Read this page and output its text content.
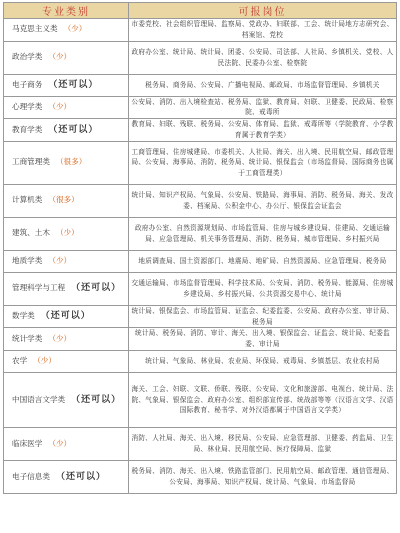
专业类别	可报岗位
马克思主义类 （少）	市委党校、社会组织管理局、监察局、党政办、妇联部、工会、统计局地方志研究会、档案馆、党校
政治学类 （少）	政府办公室、统计局、统计局、团委、公安局、司法部、人社局、乡镇机关、党校、人民法院、民委办公室、检察院
电子商务 （还可以）	税务局、商务局、公安局、广播电视局、邮政局、市场监督管理局、乡镇机关
心理学类 （少）	公安局、消防、出入境检查站、税务局、监狱、教育局、妇联、卫健委、民政局、检察院、戒毒所
教育学类 （还可以）	教育局、妇联、残联、税务局、公安局、体育局、监狱、戒毒所等（学院教育、小学教育属于教育学类）
工商管理类 （很多）	工商管理局、住房城建局、市委机关、人社局、海关、出入境、民用航空局、邮政管理局、公安局、海事局、消防、税务局、统计局、银保监会（市场监督局、国际商务也属于工商管理类）
计算机类 （很多）	统计局、知识产权局、气象局、公安局、铁路局、海事局、消防、税务局、海关、发改委、档案局、公积金中心、办公厅、银保监会证监会
建筑、土木 （少）	政府办公室、自然资源规划局、市场监管局、住房与城乡建设局、住建局、交通运输局、应急管理局、机关事务管理局、消防、税务局、城市管理局、乡村振兴局
地质学类 （少）	地质调查局、国土资源部门、地震局、地矿局、自然资源局、应急管理局、税务局
管理科学与工程 （还可以）	交通运输局、市场监督管理局、科学技术局、公安局、消防、税务局、能源局、住房城乡建设局、乡村振兴局、公共资源交易中心、统计局
数学类 （还可以）	统计局、银保监会、市场监管局、证监会、纪委监委、公安局、政府办公室、审计局、税务局
统计学类 （少）	统计局、税务局、消防、审计、海关、出入境、银保监会、证监会、统计局、纪委监委、审计局
农学 （少）	统计局、气象局、林业局、农业局、环保局、戒毒局、乡镇基层、农业农村局
中国语言文学类 （还可以）	海关、工会、妇联、文联、侨联、残联、公安局、文化和旅游部、电视台、统计局、法院、气象局、银保监会、政府办公室、组织部宣传部、统战部等等（汉语言文学、汉语国际教育、秘书学、对外汉语都属于中国语言文学类）
临床医学 （少）	消防、人社局、海关、出入境、移民局、公安局、应急管理部、卫健委、药监局、卫生局、林业局、民用航空局、医疗保障局、监狱
电子信息类 （还可以）	税务局、消防、海关、出入境、铁路监管部门、民用航空局、邮政管理、通信管理局、公安局、海事局、知识产权局、统计局、气象局、市场监督局
